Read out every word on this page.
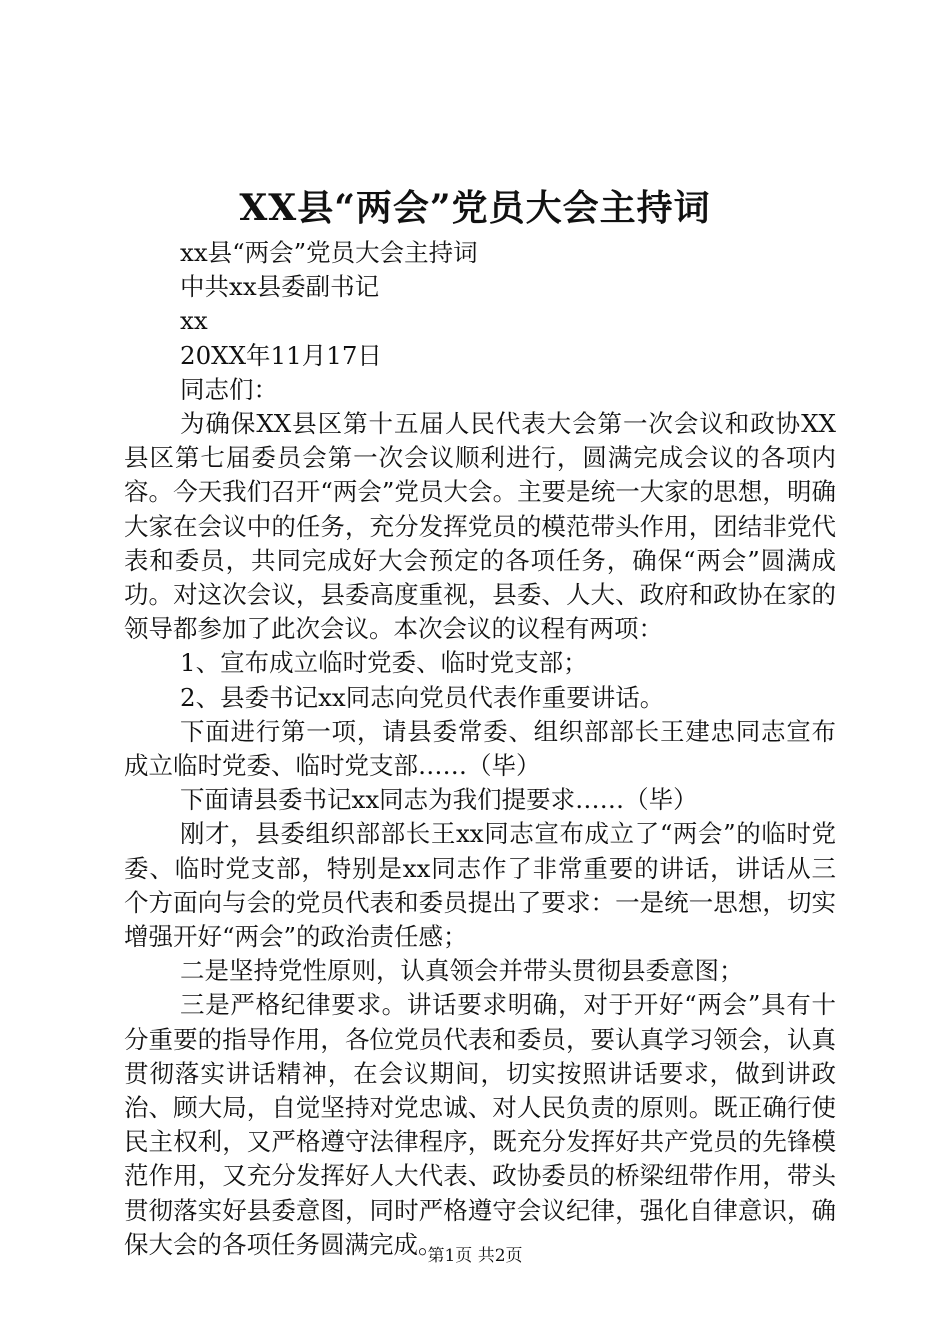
XX县“两会”党员大会主持词
xx县“两会”党员大会主持词
中共xx县委副书记
xx
20XX年11月17日
同志们：
为确保XX县区第十五届人民代表大会第一次会议和政协XX县区第七届委员会第一次会议顺利进行，圆满完成会议的各项内容。今天我们召开“两会”党员大会。主要是统一大家的思想，明确大家在会议中的任务，充分发挥党员的模范带头作用，团结非党代表和委员，共同完成好大会预定的各项任务，确保“两会”圆满成功。对这次会议，县委高度重视，县委、人大、政府和政协在家的领导都参加了此次会议。本次会议的议程有两项：
1、宣布成立临时党委、临时党支部；
2、县委书记xx同志向党员代表作重要讲话。
下面进行第一项，请县委常委、组织部部长王建忠同志宣布成立临时党委、临时党支部……（毕）
下面请县委书记xx同志为我们提要求……（毕）
刚才，县委组织部部长王xx同志宣布成立了“两会”的临时党委、临时党支部，特别是xx同志作了非常重要的讲话，讲话从三个方面向与会的党员代表和委员提出了要求：一是统一思想，切实增强开好“两会”的政治责任感；
二是坚持党性原则，认真领会并带头贯彻县委意图；
三是严格纪律要求。讲话要求明确，对于开好“两会”具有十分重要的指导作用，各位党员代表和委员，要认真学习领会，认真贯彻落实讲话精神，在会议期间，切实按照讲话要求，做到讲政治、顾大局，自觉坚持对党忠诚、对人民负责的原则。既正确行使民主权利，又严格遵守法律程序，既充分发挥好共产党员的先锋模范作用，又充分发挥好人大代表、政协委员的桥梁纽带作用，带头贯彻落实好县委意图，同时严格遵守会议纪律，强化自律意识，确保大会的各项任务圆满完成。
第1页 共2页
